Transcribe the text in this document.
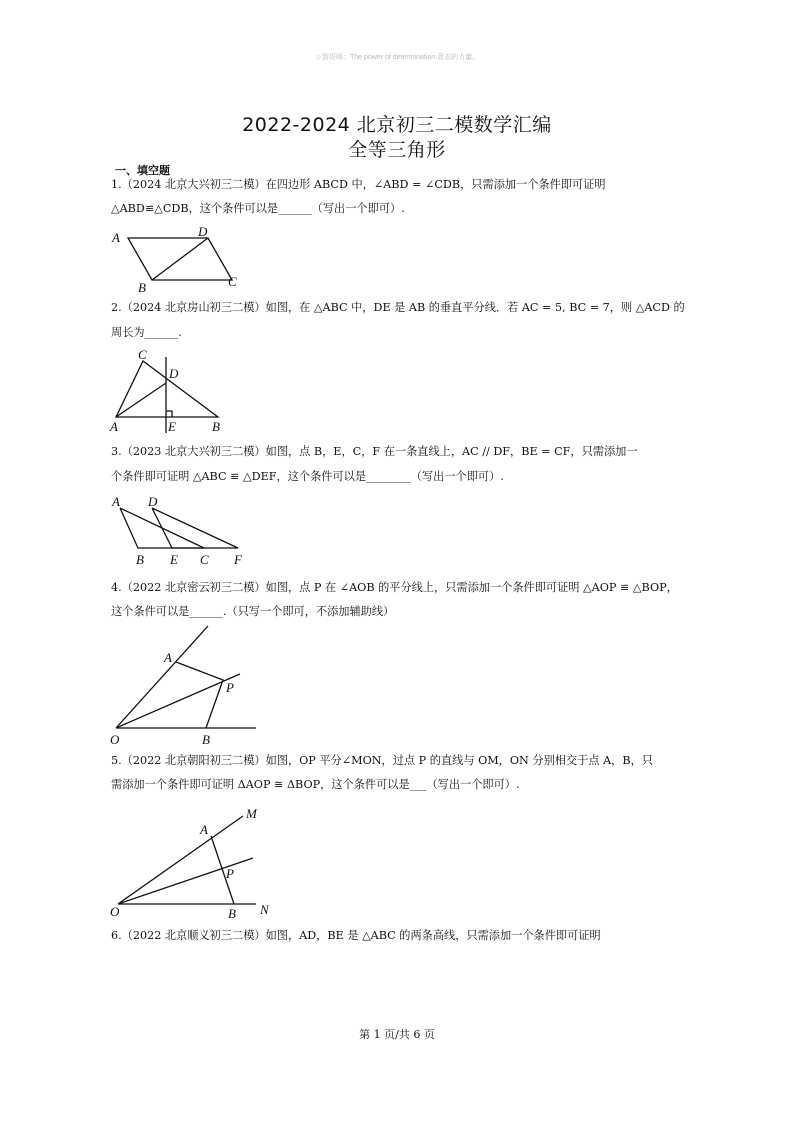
☺游哥师：The power of determination.意志的力量。
2022-2024 北京初三二模数学汇编
全等三角形
一、填空题
1.（2024 北京大兴初三二模）在四边形 ABCD 中，∠ABD = ∠CDB，只需添加一个条件即可证明
△ABD≌△CDB，这个条件可以是______（写出一个即可）.
A	D
B	C
2.（2024 北京房山初三二模）如图，在 △ABC 中，DE 是 AB 的垂直平分线．若 AC = 5, BC = 7，则 △ACD 的
周长为______.
C
D
A	E	B
3.（2023 北京大兴初三二模）如图，点 B，E，C，F 在一条直线上，AC // DF，BE = CF，只需添加一
个条件即可证明 △ABC ≌ △DEF，这个条件可以是________（写出一个即可）.
A D
B E C F
4.（2022 北京密云初三二模）如图，点 P 在 ∠AOB 的平分线上，只需添加一个条件即可证明 △AOP ≌ △BOP，
这个条件可以是______.（只写一个即可，不添加辅助线）
A
P
O	B
5.（2022 北京朝阳初三二模）如图，OP 平分∠MON，过点 P 的直线与 OM，ON 分别相交于点 A，B，只
需添加一个条件即可证明 ΔAOP ≅ ΔBOP，这个条件可以是___（写出一个即可）.
M
A
P
O	B N
6.（2022 北京顺义初三二模）如图，AD，BE 是 △ABC 的两条高线，只需添加一个条件即可证明
第 1 页/共 6 页
